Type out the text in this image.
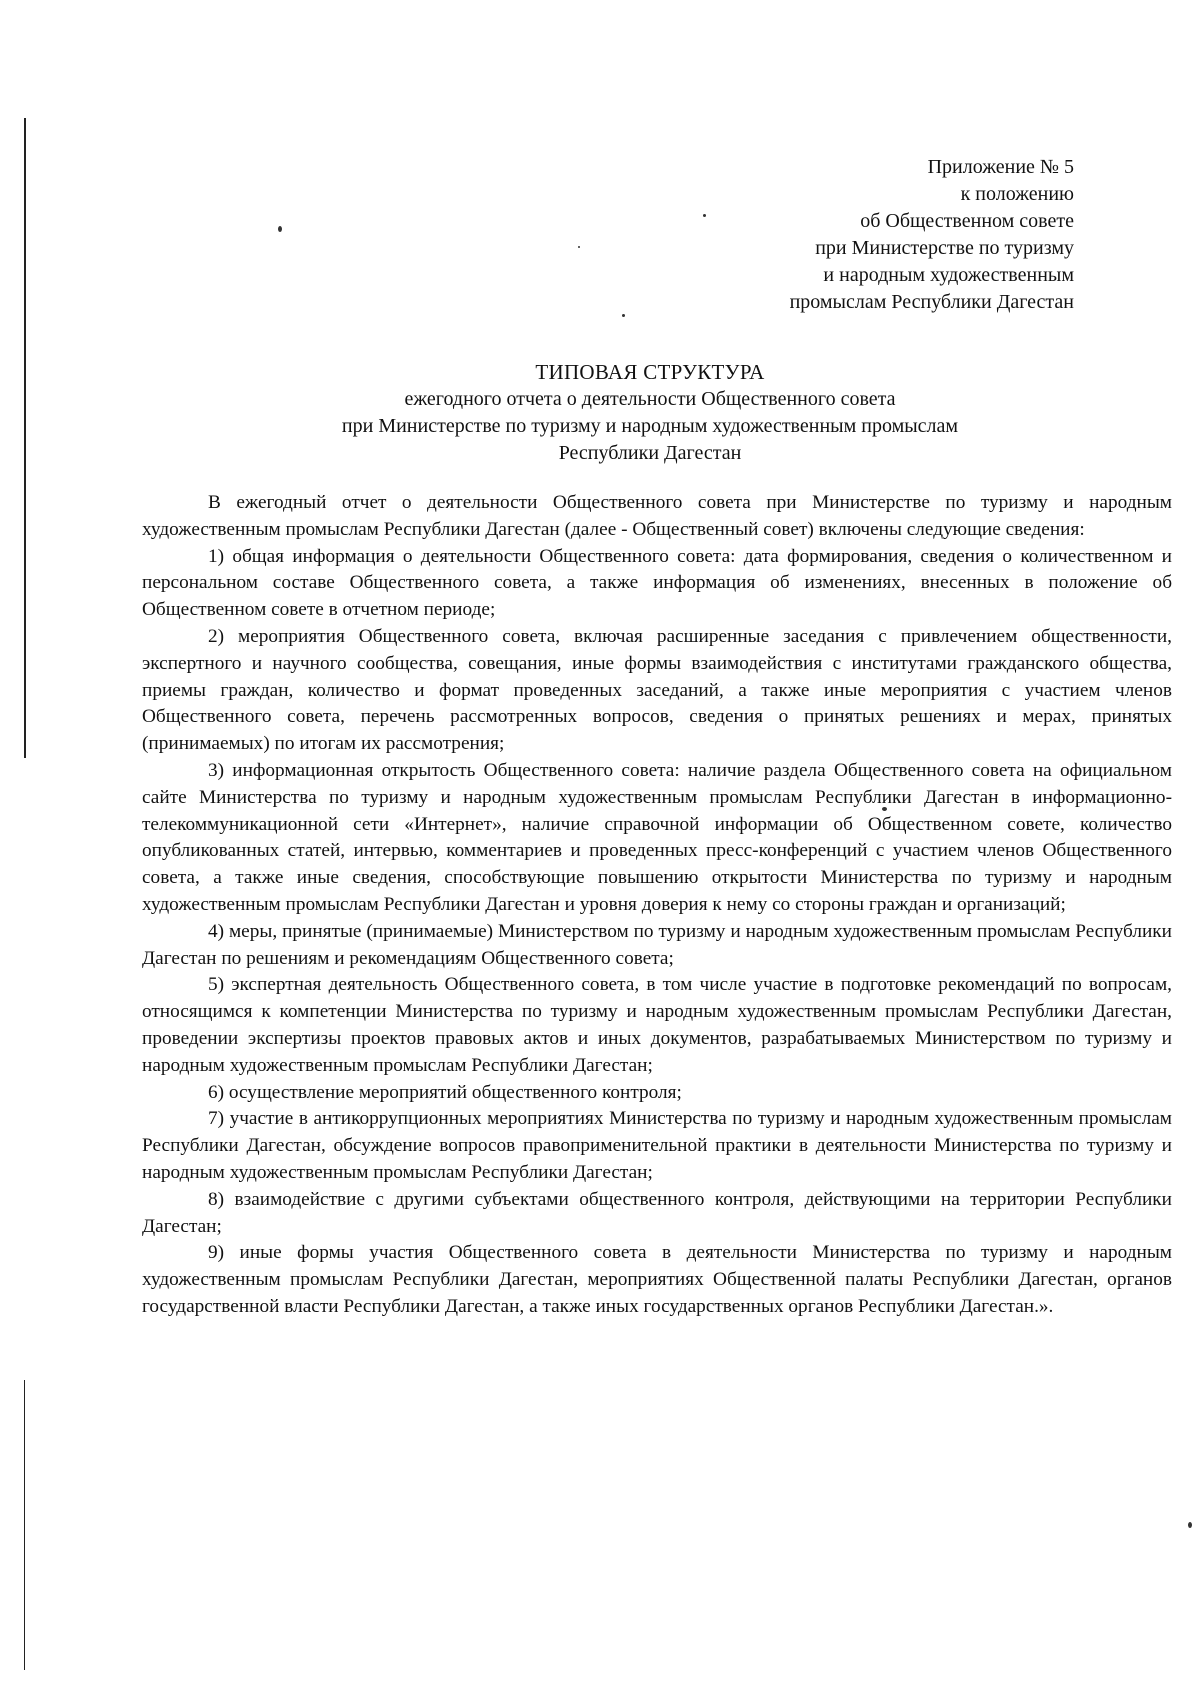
Приложение № 5
к положению
об Общественном совете
при Министерстве по туризму
и народным художественным
промыслам Республики Дагестан
ТИПОВАЯ СТРУКТУРА
ежегодного отчета о деятельности Общественного совета
при Министерстве по туризму и народным художественным промыслам
Республики Дагестан

В ежегодный отчет о деятельности Общественного совета при Министерстве по туризму и народным художественным промыслам Республики Дагестан (далее - Общественный совет) включены следующие сведения:

1) общая информация о деятельности Общественного совета: дата формирования, сведения о количественном и персональном составе Общественного совета, а также информация об изменениях, внесенных в положение об Общественном совете в отчетном периоде;

2) мероприятия Общественного совета, включая расширенные заседания с привлечением общественности, экспертного и научного сообщества, совещания, иные формы взаимодействия с институтами гражданского общества, приемы граждан, количество и формат проведенных заседаний, а также иные мероприятия с участием членов Общественного совета, перечень рассмотренных вопросов, сведения о принятых решениях и мерах, принятых (принимаемых) по итогам их рассмотрения;

3) информационная открытость Общественного совета: наличие раздела Общественного совета на официальном сайте Министерства по туризму и народным художественным промыслам Республики Дагестан в информационно-телекоммуникационной сети «Интернет», наличие справочной информации об Общественном совете, количество опубликованных статей, интервью, комментариев и проведенных пресс-конференций с участием членов Общественного совета, а также иные сведения, способствующие повышению открытости Министерства по туризму и народным художественным промыслам Республики Дагестан и уровня доверия к нему со стороны граждан и организаций;

4) меры, принятые (принимаемые) Министерством по туризму и народным художественным промыслам Республики Дагестан по решениям и рекомендациям Общественного совета;

5) экспертная деятельность Общественного совета, в том числе участие в подготовке рекомендаций по вопросам, относящимся к компетенции Министерства по туризму и народным художественным промыслам Республики Дагестан, проведении экспертизы проектов правовых актов и иных документов, разрабатываемых Министерством по туризму и народным художественным промыслам Республики Дагестан;

6) осуществление мероприятий общественного контроля;

7) участие в антикоррупционных мероприятиях Министерства по туризму и народным художественным промыслам Республики Дагестан, обсуждение вопросов правоприменительной практики в деятельности Министерства по туризму и народным художественным промыслам Республики Дагестан;

8) взаимодействие с другими субъектами общественного контроля, действующими на территории Республики Дагестан;

9) иные формы участия Общественного совета в деятельности Министерства по туризму и народным художественным промыслам Республики Дагестан, мероприятиях Общественной палаты Республики Дагестан, органов государственной власти Республики Дагестан, а также иных государственных органов Республики Дагестан.».
